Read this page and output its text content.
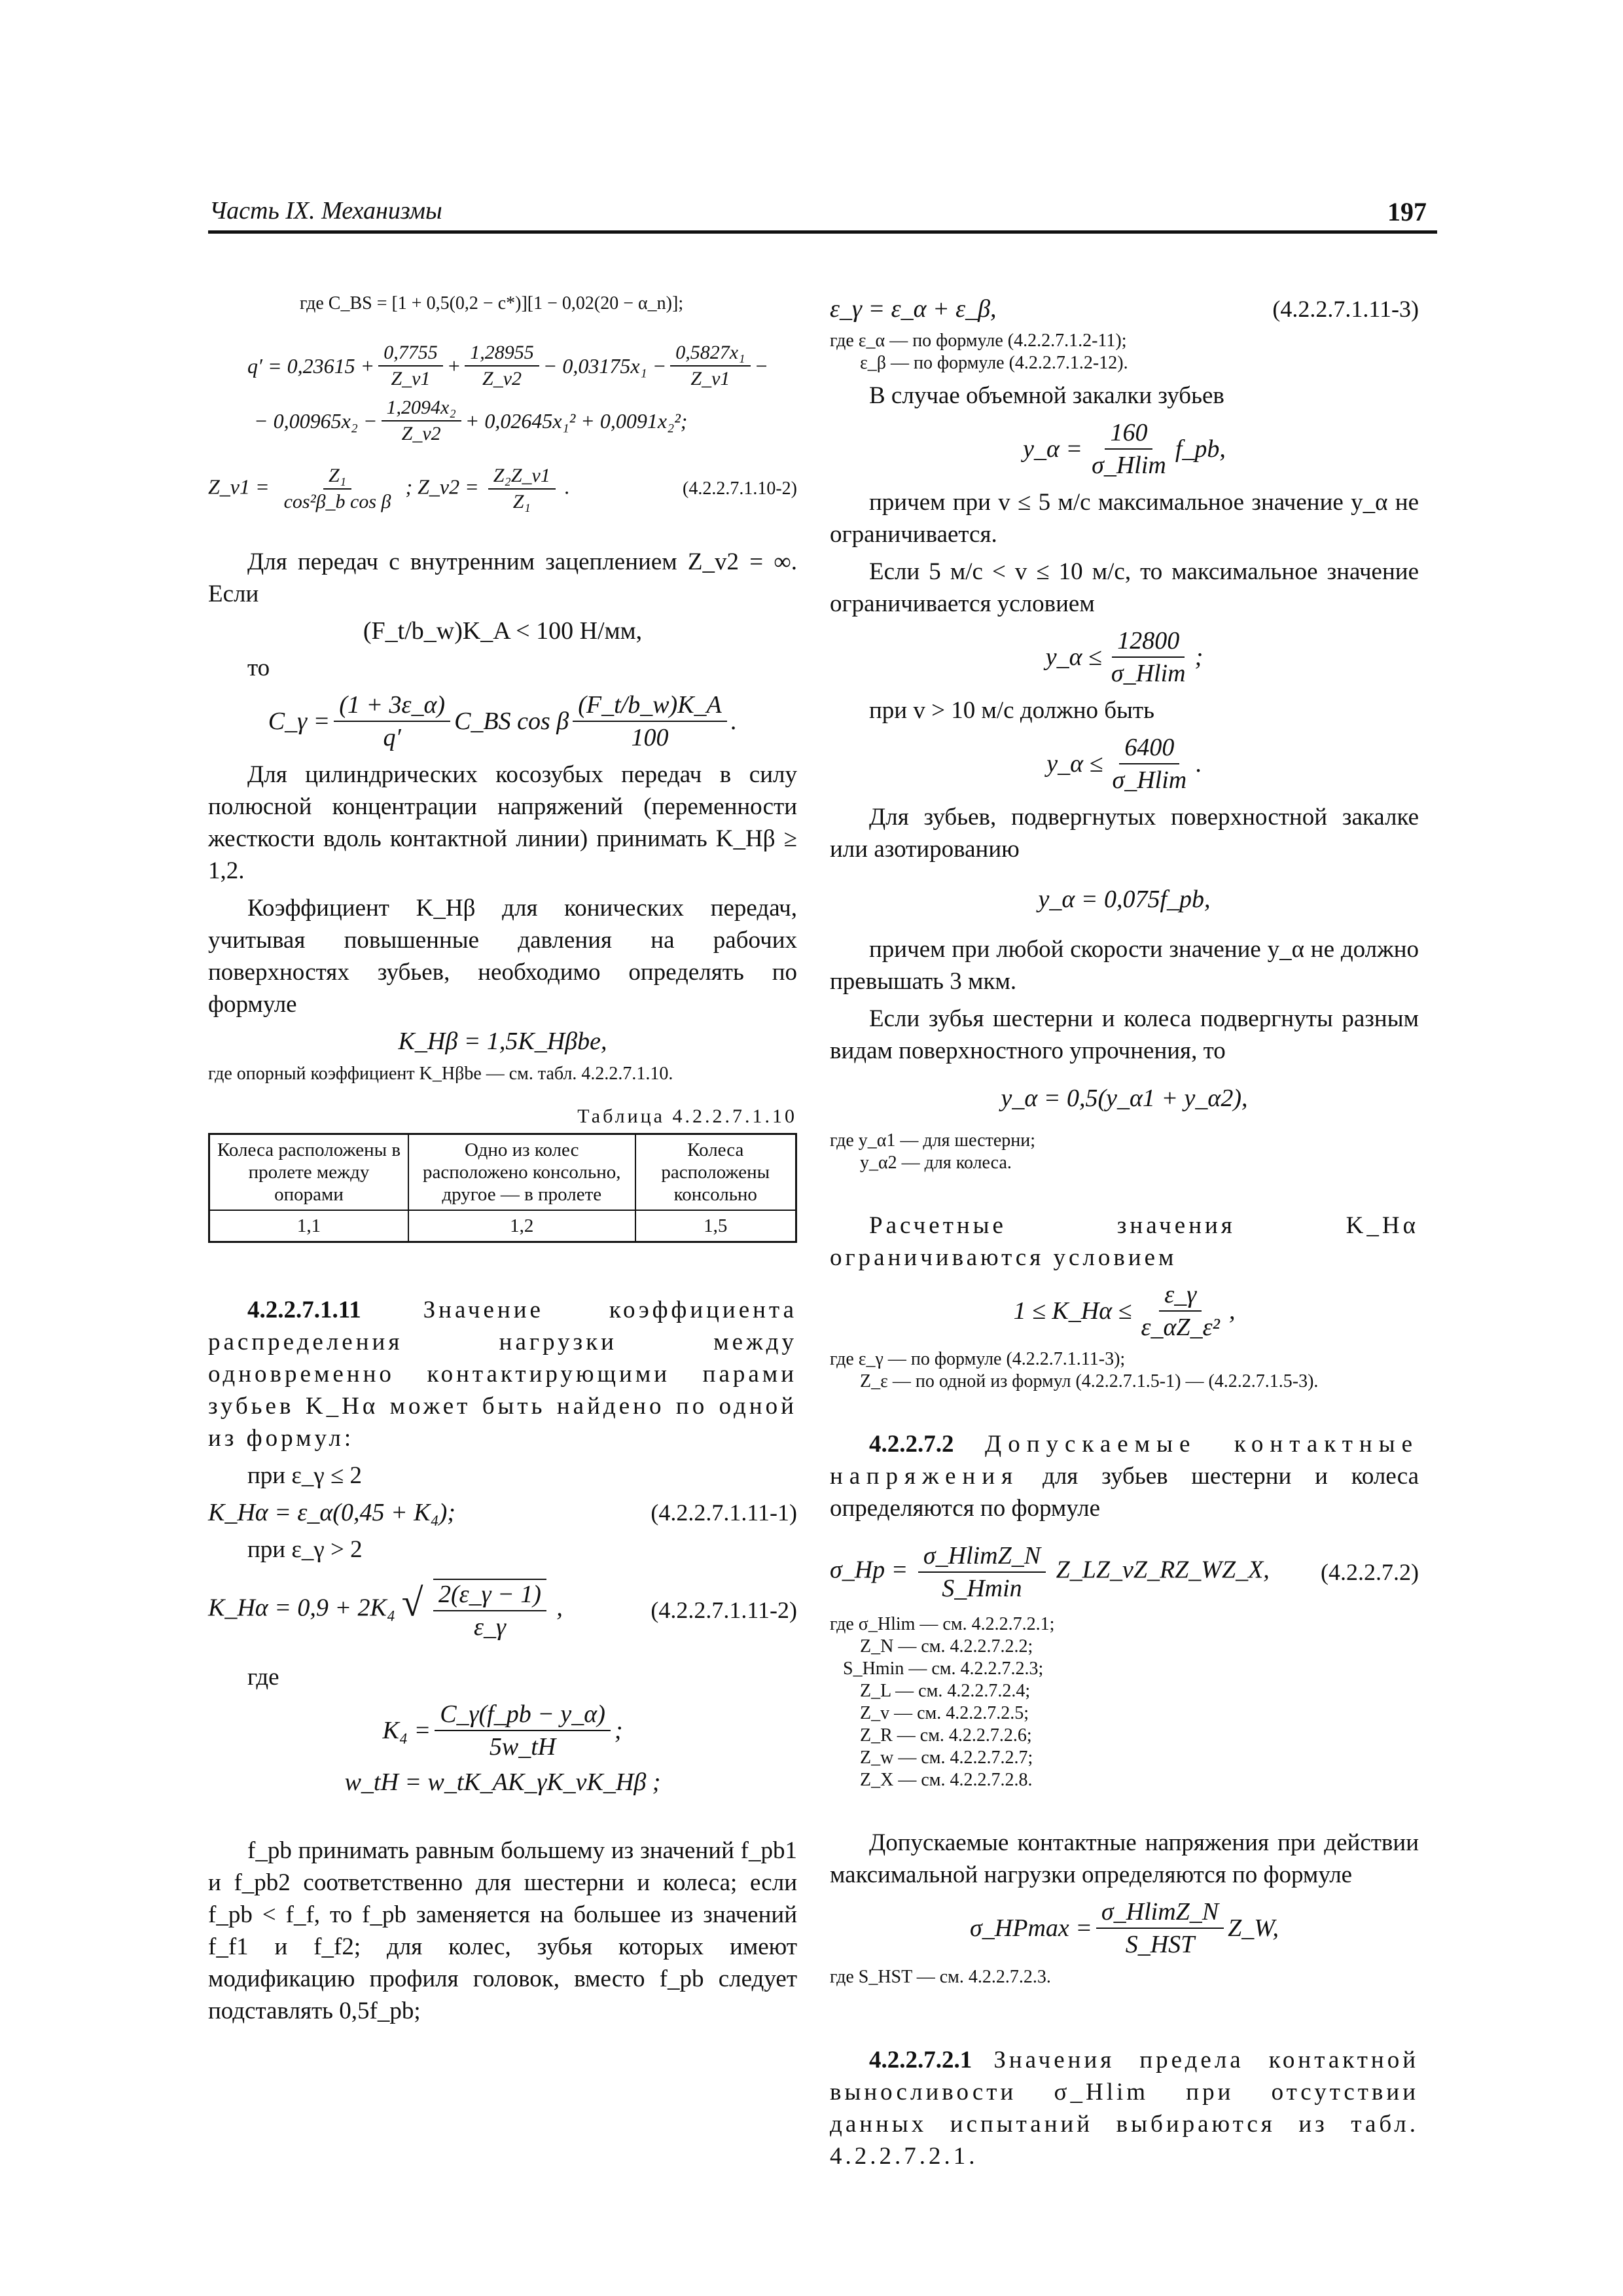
Часть IX. Механизмы	197
где C_BS = [1 + 0,5(0,2 − c*)][1 − 0,02(20 − α_n)];
$q' = 0,23615 + \frac{0,7755}{Z\_v1} + \frac{1,28955}{Z\_v2} - 0,03175x_1 - \frac{\text{0,5827x₁}}{Z\_v1}$ −
− $0,00965x_2 - \frac{\text{1,2094x₂}}{Z\_v2} + 0,02645x_1^2 + 0,0091x_2^2$;
Z_v1 = $\frac{\text{Z₁}}{\text{cos²β\_b cos β}}$ ; Z_v2 = $\frac{\text{Z₂Z\_v1}}{\text{Z₁}}$ .	(4.2.2.7.1.10-2)
Для передач с внутренним зацеплением Z_v2 = ∞. Если
(F_t/b_w)K_A < 100 Н/мм,
то
C_γ = $\frac{(1 + 3\varepsilon\_\alpha)}{q'}$ C_BS cos β $\frac{(F\_t/b\_w)K\_A}{100}$ .
Для цилиндрических косозубых передач в силу полюсной концентрации напряжений (переменности жесткости вдоль контактной линии) принимать K_Hβ ≥ 1,2.
Коэффициент K_Hβ для конических передач, учитывая повышенные давления на рабочих поверхностях зубьев, необходимо определять по формуле
K_Hβ = 1,5K_Hβbe,
где опорный коэффициент K_Hβbe — см. табл. 4.2.2.7.1.10.
Таблица 4.2.2.7.1.10
Колеса расположены в пролете между опорами	Одно из колес расположено консольно, другое — в пролете	Колеса расположены консольно
1,1	1,2	1,5
4.2.2.7.1.11	Значение коэффициента распределения нагрузки между одновременно контактирующими парами зубьев K_Hα может быть найдено по одной из формул:
при ε_γ ≤ 2
K_Hα = ε_α(0,45 + K₄);	(4.2.2.7.1.11-1)
при ε_γ > 2
K_Hα = 0,9 + 2K₄ √ $\frac{2(\varepsilon\_\gamma - 1)}{\varepsilon\_\gamma}$ ,	(4.2.2.7.1.11-2)
где
$K_4 = \frac{C\_\gamma(f\_pb - y\_\alpha)}{5w\_tH}$ ;
w_tH = w_tK_AK_γK_vK_Hβ ;
f_pb принимать равным большему из значений f_pb1 и f_pb2 соответственно для шестерни и колеса; если f_pb < f_f, то f_pb заменяется на большее из значений f_f1 и f_f2; для колес, зубья которых имеют модификацию профиля головок, вместо f_pb следует подставлять 0,5f_pb;
ε_γ = ε_α + ε_β,	(4.2.2.7.1.11-3)
где ε_α — по формуле (4.2.2.7.1.2-11);
ε_β — по формуле (4.2.2.7.1.2-12).
В случае объемной закалки зубьев
y_α = $\frac{160}{\sigma\_Hlim}$ f_pb,
причем при v ≤ 5 м/с максимальное значение y_α не ограничивается.
Если 5 м/с < v ≤ 10 м/с, то максимальное значение ограничивается условием
y_α ≤ $\frac{12800}{\sigma\_Hlim}$ ;
при v > 10 м/с должно быть
y_α ≤ $\frac{6400}{\sigma\_Hlim}$ .
Для зубьев, подвергнутых поверхностной закалке или азотированию
y_α = 0,075f_pb,
причем при любой скорости значение y_α не должно превышать 3 мкм.
Если зубья шестерни и колеса подвергнуты разным видам поверхностного упрочнения, то
y_α = 0,5(y_α1 + y_α2),
где y_α1 — для шестерни;
y_α2 — для колеса.
Расчетные значения K_Hα ограничиваются условием
1 ≤ K_Hα ≤ $\frac{\varepsilon\_\gamma}{\text{ε\_αZ\_ε²}}$ ,
где ε_γ — по формуле (4.2.2.7.1.11-3);
Z_ε — по одной из формул (4.2.2.7.1.5-1) — (4.2.2.7.1.5-3).
4.2.2.7.2 Допускаемые контактные напряжения для зубьев шестерни и колеса определяются по формуле
σ_Hp = $\frac{\sigma\_HlimZ\_N}{S\_Hmin}$ Z_LZ_vZ_RZ_WZ_X, (4.2.2.7.2)
где σ_Hlim — см. 4.2.2.7.2.1;
Z_N — см. 4.2.2.7.2.2;
S_Hmin — см. 4.2.2.7.2.3;
Z_L — см. 4.2.2.7.2.4;
Z_v — см. 4.2.2.7.2.5;
Z_R — см. 4.2.2.7.2.6;
Z_w — см. 4.2.2.7.2.7;
Z_X — см. 4.2.2.7.2.8.
Допускаемые контактные напряжения при действии максимальной нагрузки определяются по формуле
σ_HPmax = $\frac{\sigma\_HlimZ\_N}{\text{S\_HST}}$ Z_W,
где S_HST — см. 4.2.2.7.2.3.
4.2.2.7.2.1 Значения предела контактной выносливости σ_Hlim при отсутствии данных испытаний выбираются из табл. 4.2.2.7.2.1.
